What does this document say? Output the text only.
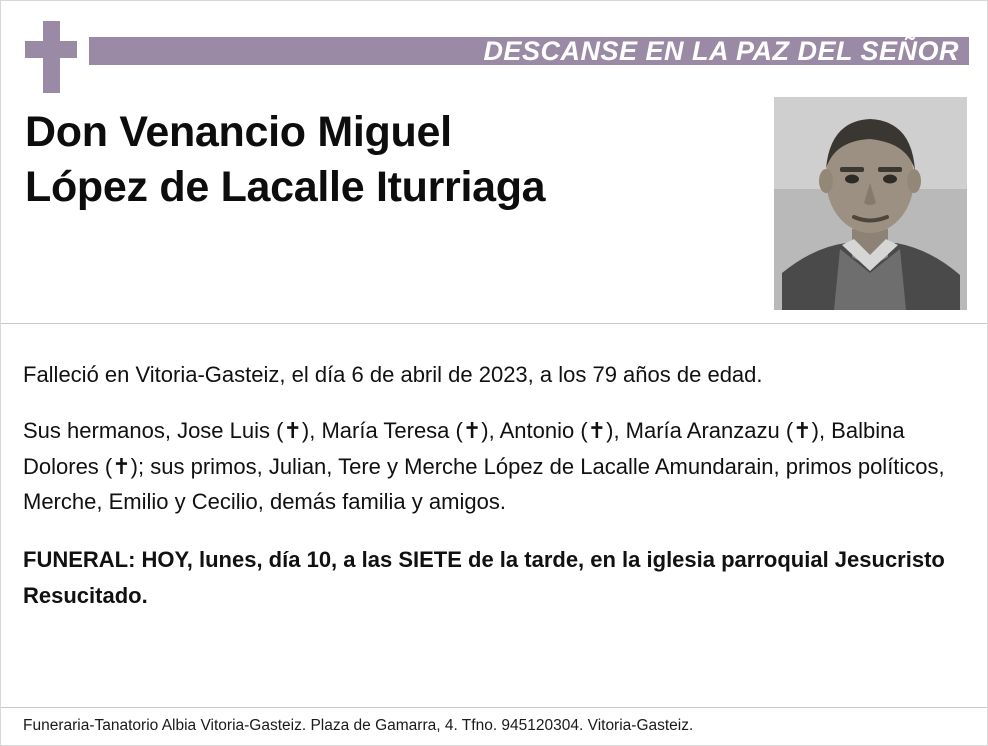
DESCANSE EN LA PAZ DEL SEÑOR
Don Venancio Miguel
López de Lacalle Iturriaga

Falleció en Vitoria-Gasteiz, el día 6 de abril de 2023, a los 79 años de edad.

Sus hermanos, Jose Luis (✝), María Teresa (✝), Antonio (✝), María Aranzazu (✝), Balbina Dolores (✝); sus primos, Julian, Tere y Merche López de Lacalle Amundarain, primos políticos, Merche, Emilio y Cecilio, demás familia y amigos.

FUNERAL: HOY, lunes, día 10, a las SIETE de la tarde, en la iglesia parroquial Jesucristo Resucitado.

Funeraria-Tanatorio Albia Vitoria-Gasteiz. Plaza de Gamarra, 4. Tfno. 945120304. Vitoria-Gasteiz.
